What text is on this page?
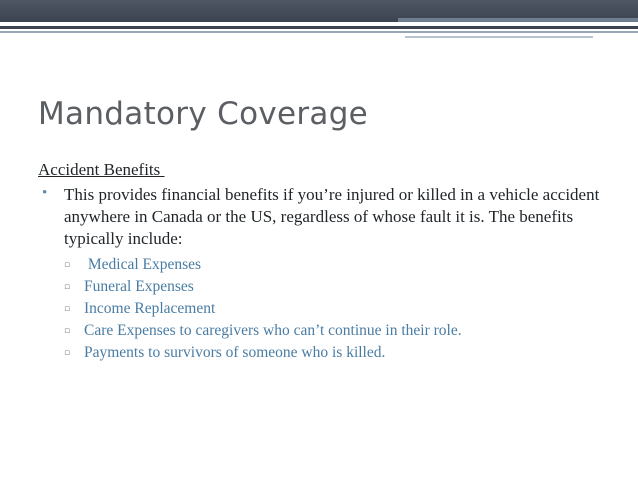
Mandatory Coverage
Accident Benefits
• This provides financial benefits if you’re injured or killed in a vehicle accident anywhere in Canada or the US, regardless of whose fault it is. The benefits typically include:

▫

Medical Expenses

▫

Funeral Expenses

▫

Income Replacement

▫

Care Expenses to caregivers who can’t continue in their role.

▫

Payments to survivors of someone who is killed.
